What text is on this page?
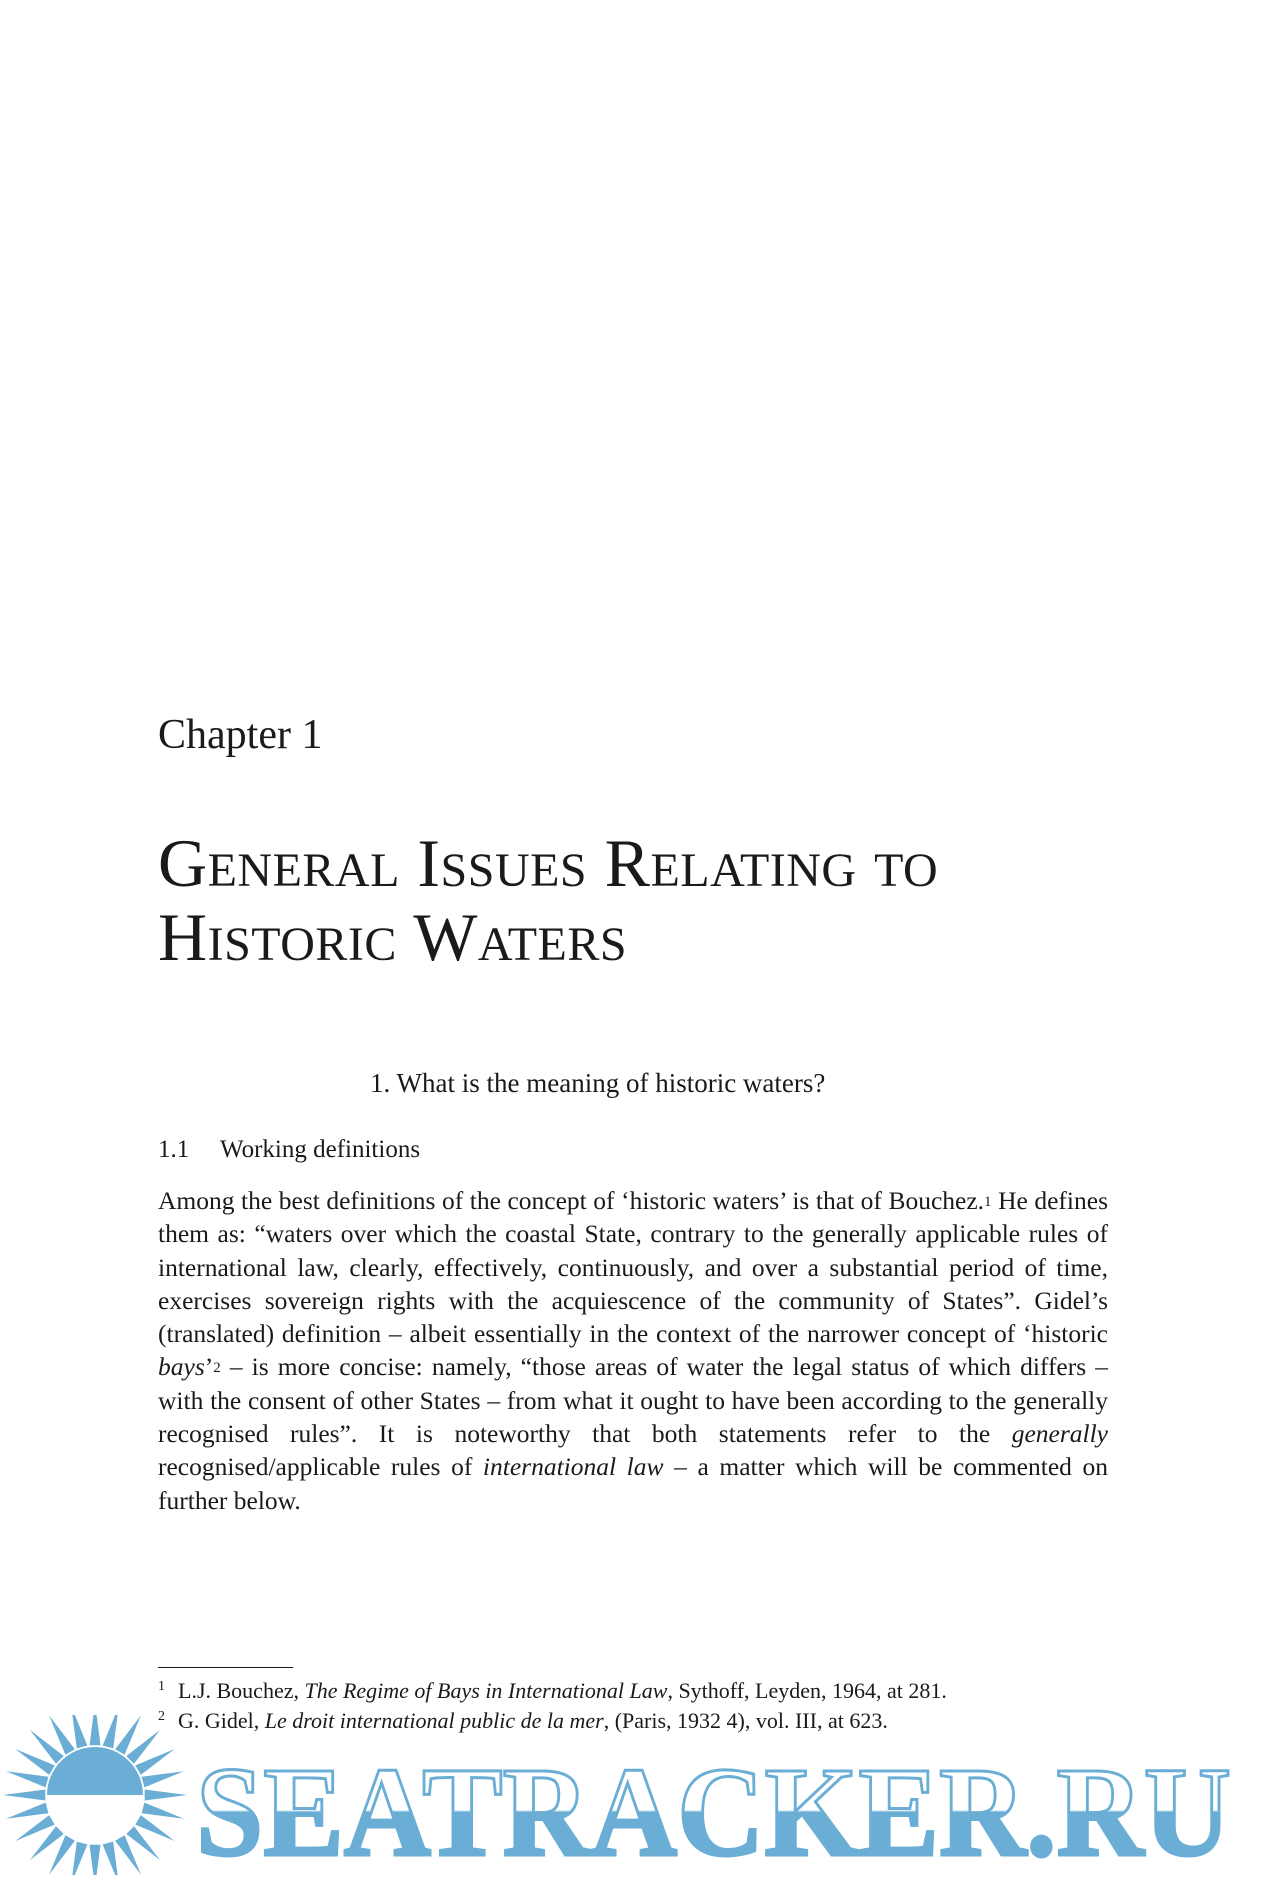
Chapter 1
General Issues Relating to
Historic Waters
1. What is the meaning of historic waters?
1.1 Working definitions
Among the best definitions of the concept of ‘historic waters’ is that of Bouchez.$^1$ He defines them as: “waters over which the coastal State, contrary to the generally applicable rules of international law, clearly, effectively, continuously, and over a substantial period of time, exercises sovereign rights with the acquiescence of the community of States”. Gidel’s (translated) definition – albeit essentially in the context of the narrower concept of ‘historic bays’$^2$ – is more concise: namely, “those areas of water the legal status of which differs – with the consent of other States – from what it ought to have been according to the generally recognised rules”. It is noteworthy that both statements refer to the generally recognised/applicable rules of international law – a matter which will be commented on further below.
1 L.J. Bouchez, The Regime of Bays in International Law, Sythoff, Leyden, 1964, at 281.
2 G. Gidel, Le droit international public de la mer, (Paris, 1932 4), vol. III, at 623.
SEATRACKER.RU
